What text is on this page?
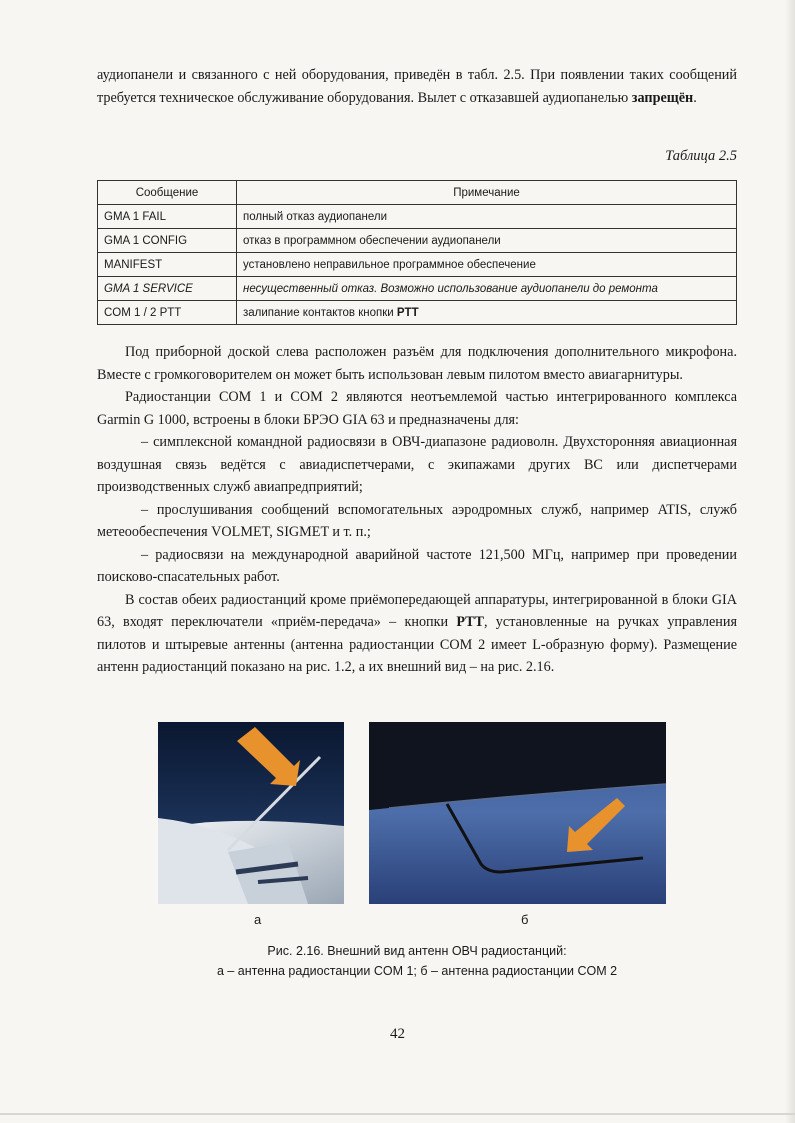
аудиопанели и связанного с ней оборудования, приведён в табл. 2.5. При появлении таких сообщений требуется техническое обслуживание оборудования. Вылет с отказавшей аудиопанелью запрещён.

Таблица 2.5
Сообщение	Примечание
GMA 1 FAIL	полный отказ аудиопанели
GMA 1 CONFIG	отказ в программном обеспечении аудиопанели
MANIFEST	установлено неправильное программное обеспечение
GMA 1 SERVICE	несущественный отказ. Возможно использование аудиопанели до ремонта
COM 1 / 2 PTT	залипание контактов кнопки PTT

Под приборной доской слева расположен разъём для подключения дополнительного микрофона. Вместе с громкоговорителем он может быть использован левым пилотом вместо авиагарнитуры.

Радиостанции COM 1 и COM 2 являются неотъемлемой частью интегрированного комплекса Garmin G 1000, встроены в блоки БРЭО GIA 63 и предназначены для:

– симплексной командной радиосвязи в ОВЧ-диапазоне радиоволн. Двухсторонняя авиационная воздушная связь ведётся с авиадиспетчерами, с экипажами других ВС или диспетчерами производственных служб авиапредприятий;

– прослушивания сообщений вспомогательных аэродромных служб, например ATIS, служб метеообеспечения VOLMET, SIGMET и т. п.;

– радиосвязи на международной аварийной частоте 121,500 МГц, например при проведении поисково-спасательных работ.

В состав обеих радиостанций кроме приёмопередающей аппаратуры, интегрированной в блоки GIA 63, входят переключатели «приём-передача» – кнопки PTT, установленные на ручках управления пилотов и штыревые антенны (антенна радиостанции COM 2 имеет L-образную форму). Размещение антенн радиостанций показано на рис. 1.2, а их внешний вид – на рис. 2.16.

а	б
Рис. 2.16. Внешний вид антенн ОВЧ радиостанций:
а – антенна радиостанции COM 1; б – антенна радиостанции COM 2
42
